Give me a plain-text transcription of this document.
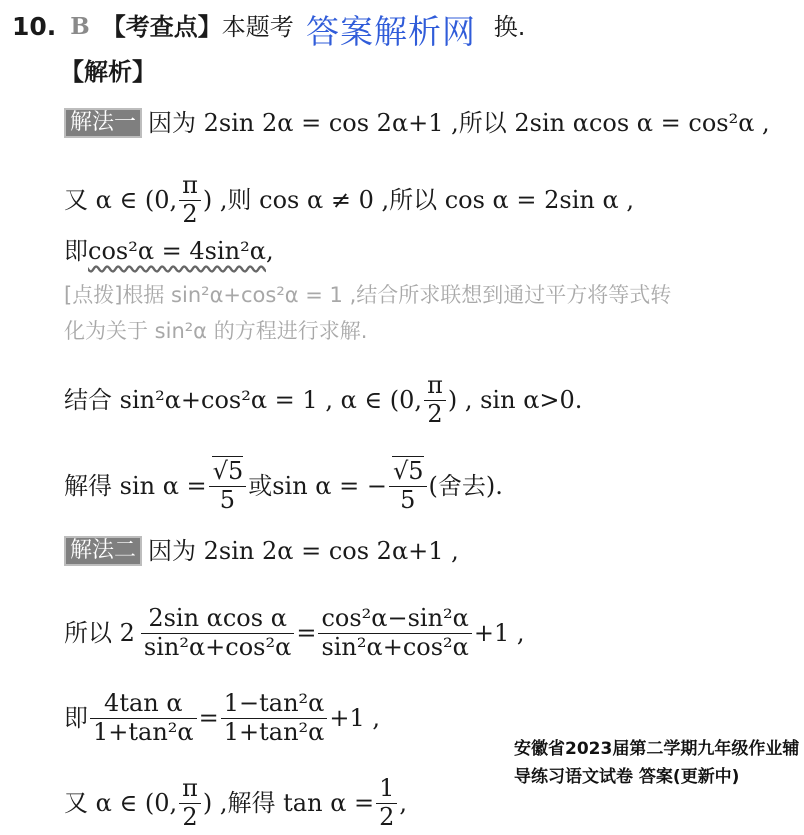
10. B 【考查点】 本题考	换.
答案解析网
【解析】
解法一 因为 2sin 2α = cos 2α+1 ,所以 2sin αcos α = cos²α ,
又 α ∈ (0, $\frac{\pi}{2}$ ) ,则 cos α ≠ 0 ,所以 cos α = 2sin α ,
即 cos²α = 4sin²α ,
[点拨]根据 sin²α+cos²α = 1 ,结合所求联想到通过平方将等式转
化为关于 sin²α 的方程进行求解.
结合 sin²α+cos²α = 1 , α ∈ (0, $\frac{\pi}{2}$ ) , sin α>0.
解得 $\sin \alpha = \frac{√5}{5}$ 或sin α = − $\frac{√5}{5}$ (舍去).
解法二 因为 2sin 2α = cos 2α+1 ,
所以 $2 \frac{\text{2sin αcos α}}{\text{sin²α+cos²α}} = \frac{\text{cos²α−sin²α}}{\text{sin²α+cos²α}} +1$ ,
即 $\frac{\text{4tan α}}{\text{1+tan²α}} = \frac{\text{1−tan²α}}{\text{1+tan²α}} +1$ ,
又 α ∈ (0, $\frac{\pi}{2}$ ) ,解得 $\tan \alpha = \frac{1}{2}$ ,
安徽省2023届第二学期九年级作业辅导练习语文试卷 答案(更新中)
